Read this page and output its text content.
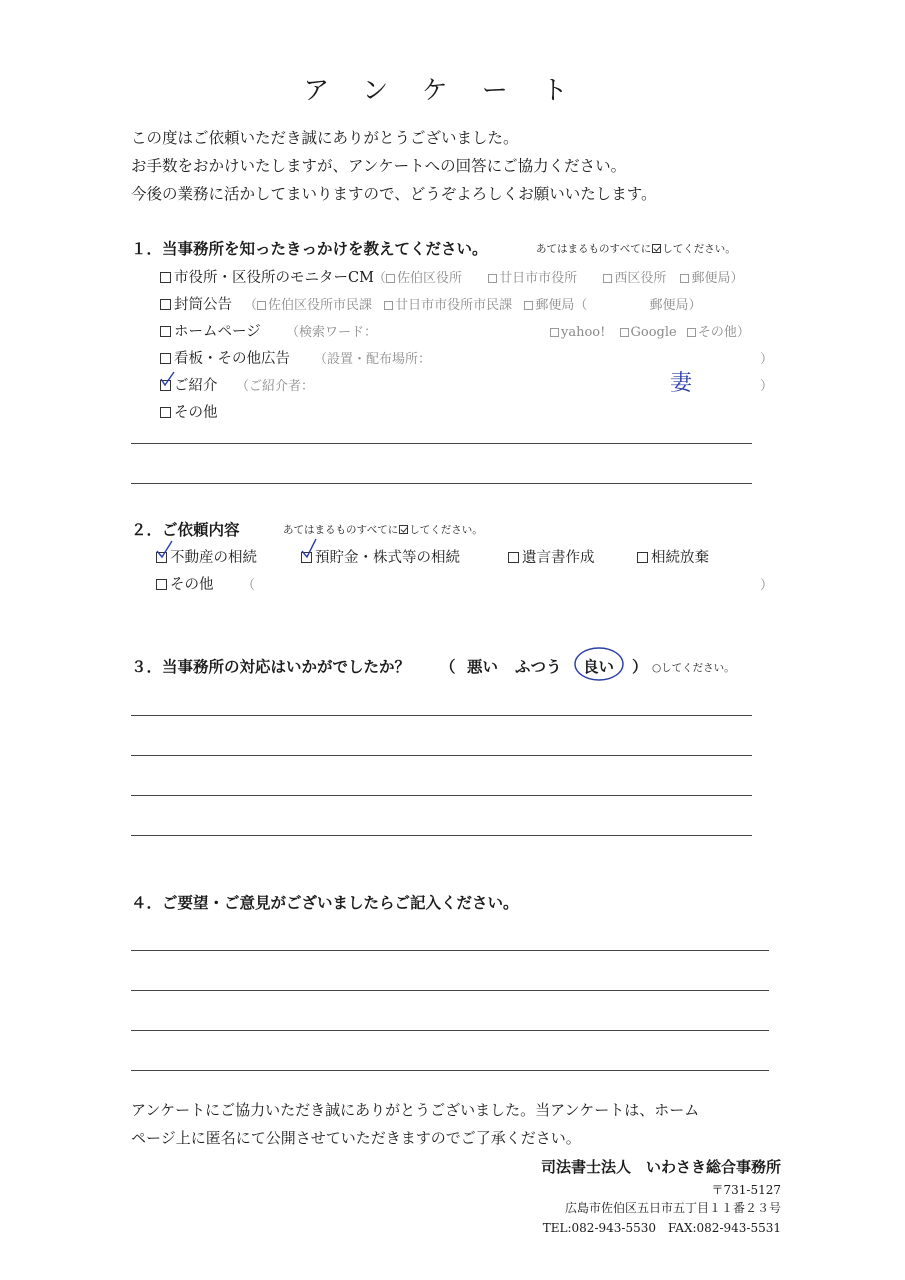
アンケート
この度はご依頼いただき誠にありがとうございました。
お手数をおかけいたしますが、アンケートへの回答にご協力ください。
今後の業務に活かしてまいりますので、どうぞよろしくお願いいたします。
１．当事務所を知ったきっかけを教えてください。	あてはまるものすべてに してください。
市役所・区役所のモニターCM （ 佐伯区役所	廿日市市役所	西区役所 郵便局）
封筒公告 （ 佐伯区役所市民課 廿日市市役所市民課 郵便局（	郵便局）
ホームページ （検索ワード：	yahoo! Google その他）
看板・その他広告 （設置・配布場所：	）
ご紹介 （ご紹介者：	妻	）
その他
２．ご依頼内容	あてはまるものすべてに してください。
不動産の相続	預貯金・株式等の相続	遺言書作成	相続放棄
その他 （	）
３．当事務所の対応はいかがでしたか？ （ 悪い ふつう 良い ） ○してください。
４．ご要望・ご意見がございましたらご記入ください。
アンケートにご協力いただき誠にありがとうございました。当アンケートは、ホーム
ページ上に匿名にて公開させていただきますのでご了承ください。
司法書士法人　いわさき総合事務所
〒731-5127
広島市佐伯区五日市五丁目１１番２３号
TEL:082-943-5530　FAX:082-943-5531
